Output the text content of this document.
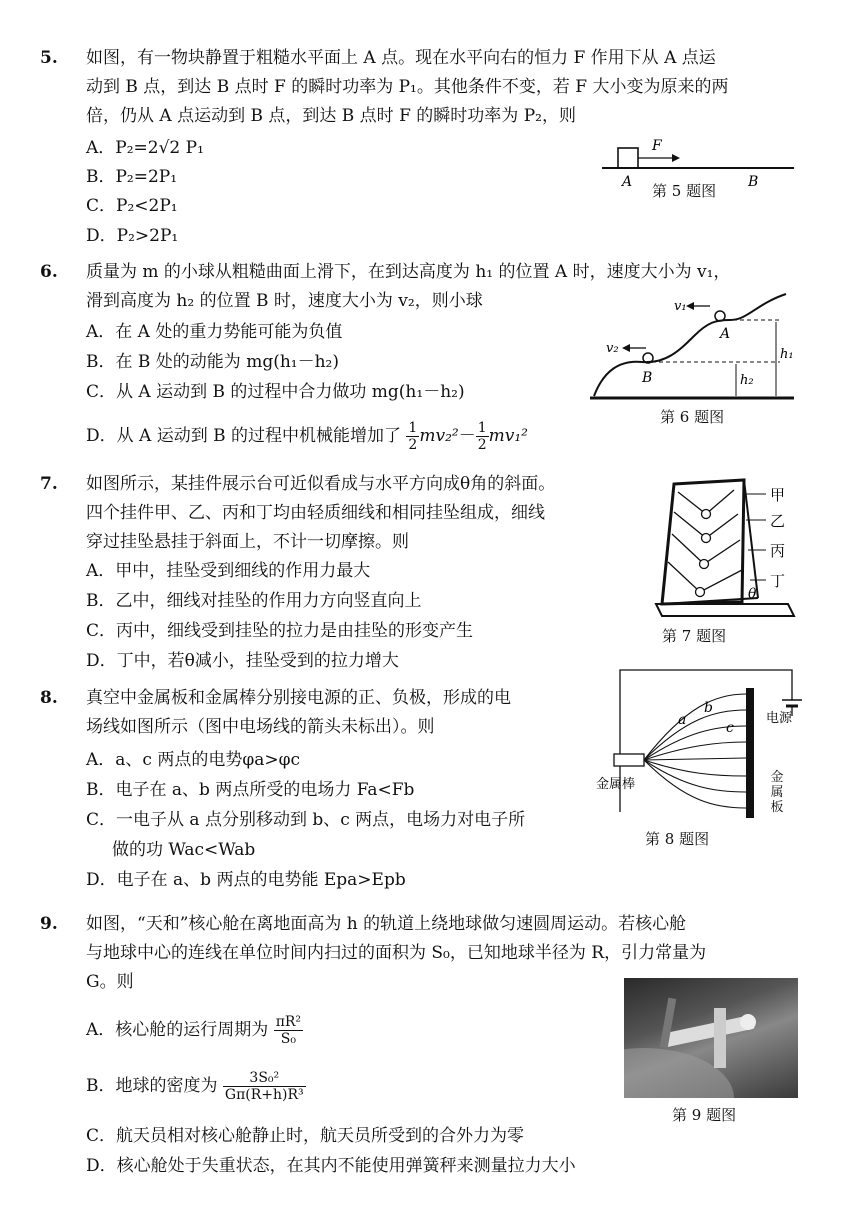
5. 如图，有一物块静置于粗糙水平面上 A 点。现在水平向右的恒力 F 作用下从 A 点运
动到 B 点，到达 B 点时 F 的瞬时功率为 P₁。其他条件不变，若 F 大小变为原来的两
倍，仍从 A 点运动到 B 点，到达 B 点时 F 的瞬时功率为 P₂，则
A．P₂=2√2 P₁
B．P₂=2P₁
C．P₂<2P₁
D．P₂>2P₁
F
A	B
第 5 题图
6. 质量为 m 的小球从粗糙曲面上滑下，在到达高度为 h₁ 的位置 A 时，速度大小为 v₁，
滑到高度为 h₂ 的位置 B 时，速度大小为 v₂，则小球
A．在 A 处的重力势能可能为负值
B．在 B 处的动能为 mg(h₁－h₂)
C．从 A 运动到 B 的过程中合力做功 mg(h₁－h₂)
D．从 A 运动到 B 的过程中机械能增加了 $\frac{1}{2} mv_2^2- \frac{1}{2} mv_1^2$
v₁
v₂
A
B
h₁
h₂
第 6 题图
7. 如图所示，某挂件展示台可近似看成与水平方向成θ角的斜面。
四个挂件甲、乙、丙和丁均由轻质细线和相同挂坠组成，细线
穿过挂坠悬挂于斜面上，不计一切摩擦。则
A．甲中，挂坠受到细线的作用力最大
B．乙中，细线对挂坠的作用力方向竖直向上
C．丙中，细线受到挂坠的拉力是由挂坠的形变产生
D．丁中，若θ减小，挂坠受到的拉力增大
甲
乙
丙
丁
θ
第 7 题图
8. 真空中金属板和金属棒分别接电源的正、负极，形成的电
场线如图所示（图中电场线的箭头未标出）。则
A．a、c 两点的电势φa>φc
B．电子在 a、b 两点所受的电场力 Fa<Fb
C．一电子从 a 点分别移动到 b、c 两点，电场力对电子所
做的功 Wac<Wab
D．电子在 a、b 两点的电势能 Epa>Epb
a
b
c
电源
金属棒	金属板
第 8 题图
9. 如图，“天和”核心舱在离地面高为 h 的轨道上绕地球做匀速圆周运动。若核心舱
与地球中心的连线在单位时间内扫过的面积为 S₀，已知地球半径为 R，引力常量为
G。则
A．核心舱的运行周期为 $\frac{\text{πR²}}{\text{S₀}}$
B．地球的密度为 $\frac{\text{3S₀²}}{\text{Gπ(R+h)R³}}$
C．航天员相对核心舱静止时，航天员所受到的合外力为零
D．核心舱处于失重状态，在其内不能使用弹簧秤来测量拉力大小
第 9 题图
